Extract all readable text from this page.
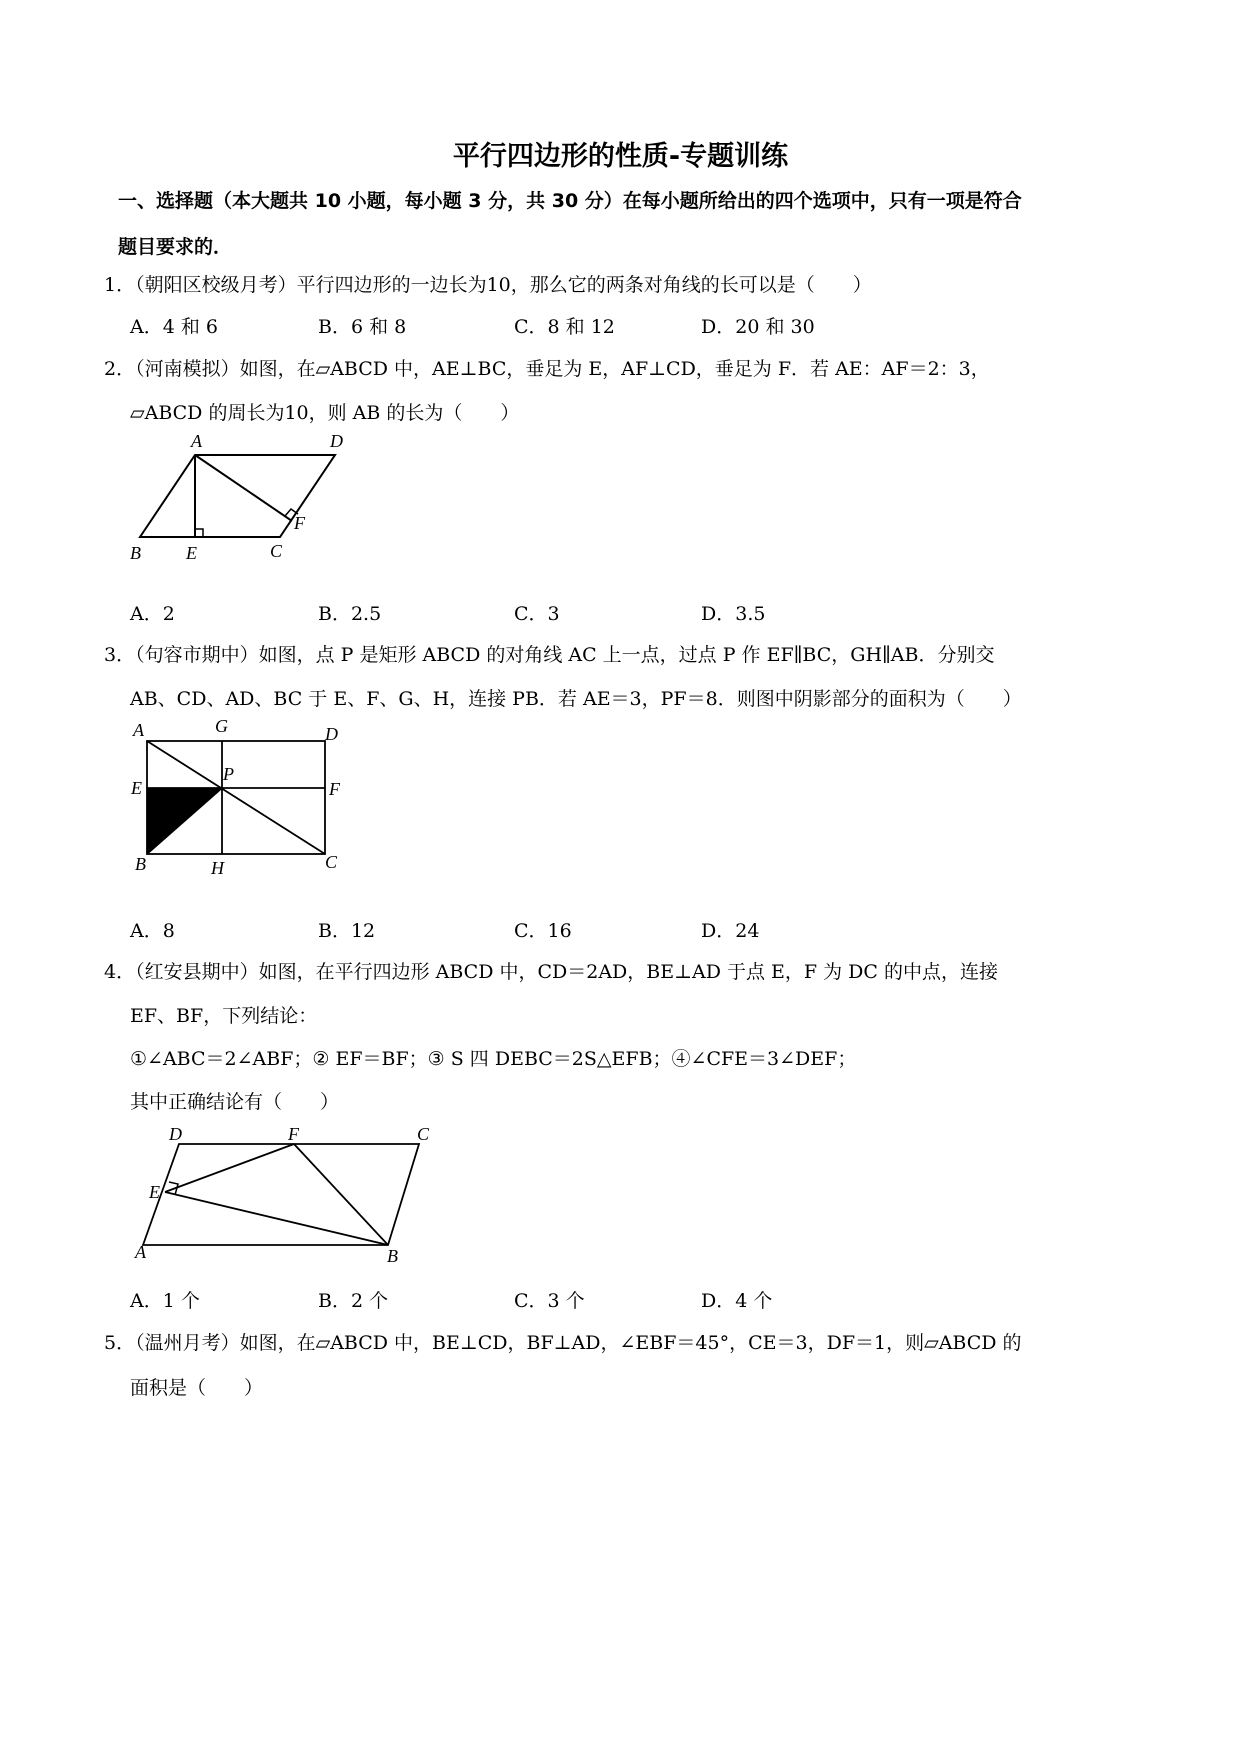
平行四边形的性质-专题训练
一、选择题（本大题共 10 小题，每小题 3 分，共 30 分）在每小题所给出的四个选项中，只有一项是符合
题目要求的．
1．（朝阳区校级月考）平行四边形的一边长为10，那么它的两条对角线的长可以是（　　）
A．4 和 6	B．6 和 8	C．8 和 12	D．20 和 30
2．（河南模拟）如图，在▱ABCD 中，AE⊥BC，垂足为 E，AF⊥CD，垂足为 F．若 AE：AF＝2：3，
▱ABCD 的周长为10，则 AB 的长为（　　）
A	D
B	E	C
F
A．2	B．2.5	C．3	D．3.5
3．（句容市期中）如图，点 P 是矩形 ABCD 的对角线 AC 上一点，过点 P 作 EF∥BC，GH∥AB．分别交
AB、CD、AD、BC 于 E、F、G、H，连接 PB．若 AE＝3，PF＝8．则图中阴影部分的面积为（　　）
A	G	D
E
P
F
B	H	C
A．8	B．12	C．16	D．24
4．（红安县期中）如图，在平行四边形 ABCD 中，CD＝2AD，BE⊥AD 于点 E，F 为 DC 的中点，连接
EF、BF，下列结论：
①∠ABC＝2∠ABF；② EF＝BF；③ S 四 DEBC＝2S△EFB；④∠CFE＝3∠DEF；
其中正确结论有（　　）
D	F	C
E
A	B
A．1 个	B．2 个	C．3 个	D．4 个
5．（温州月考）如图，在▱ABCD 中，BE⊥CD，BF⊥AD，∠EBF＝45°，CE＝3，DF＝1，则▱ABCD 的
面积是（　　）
